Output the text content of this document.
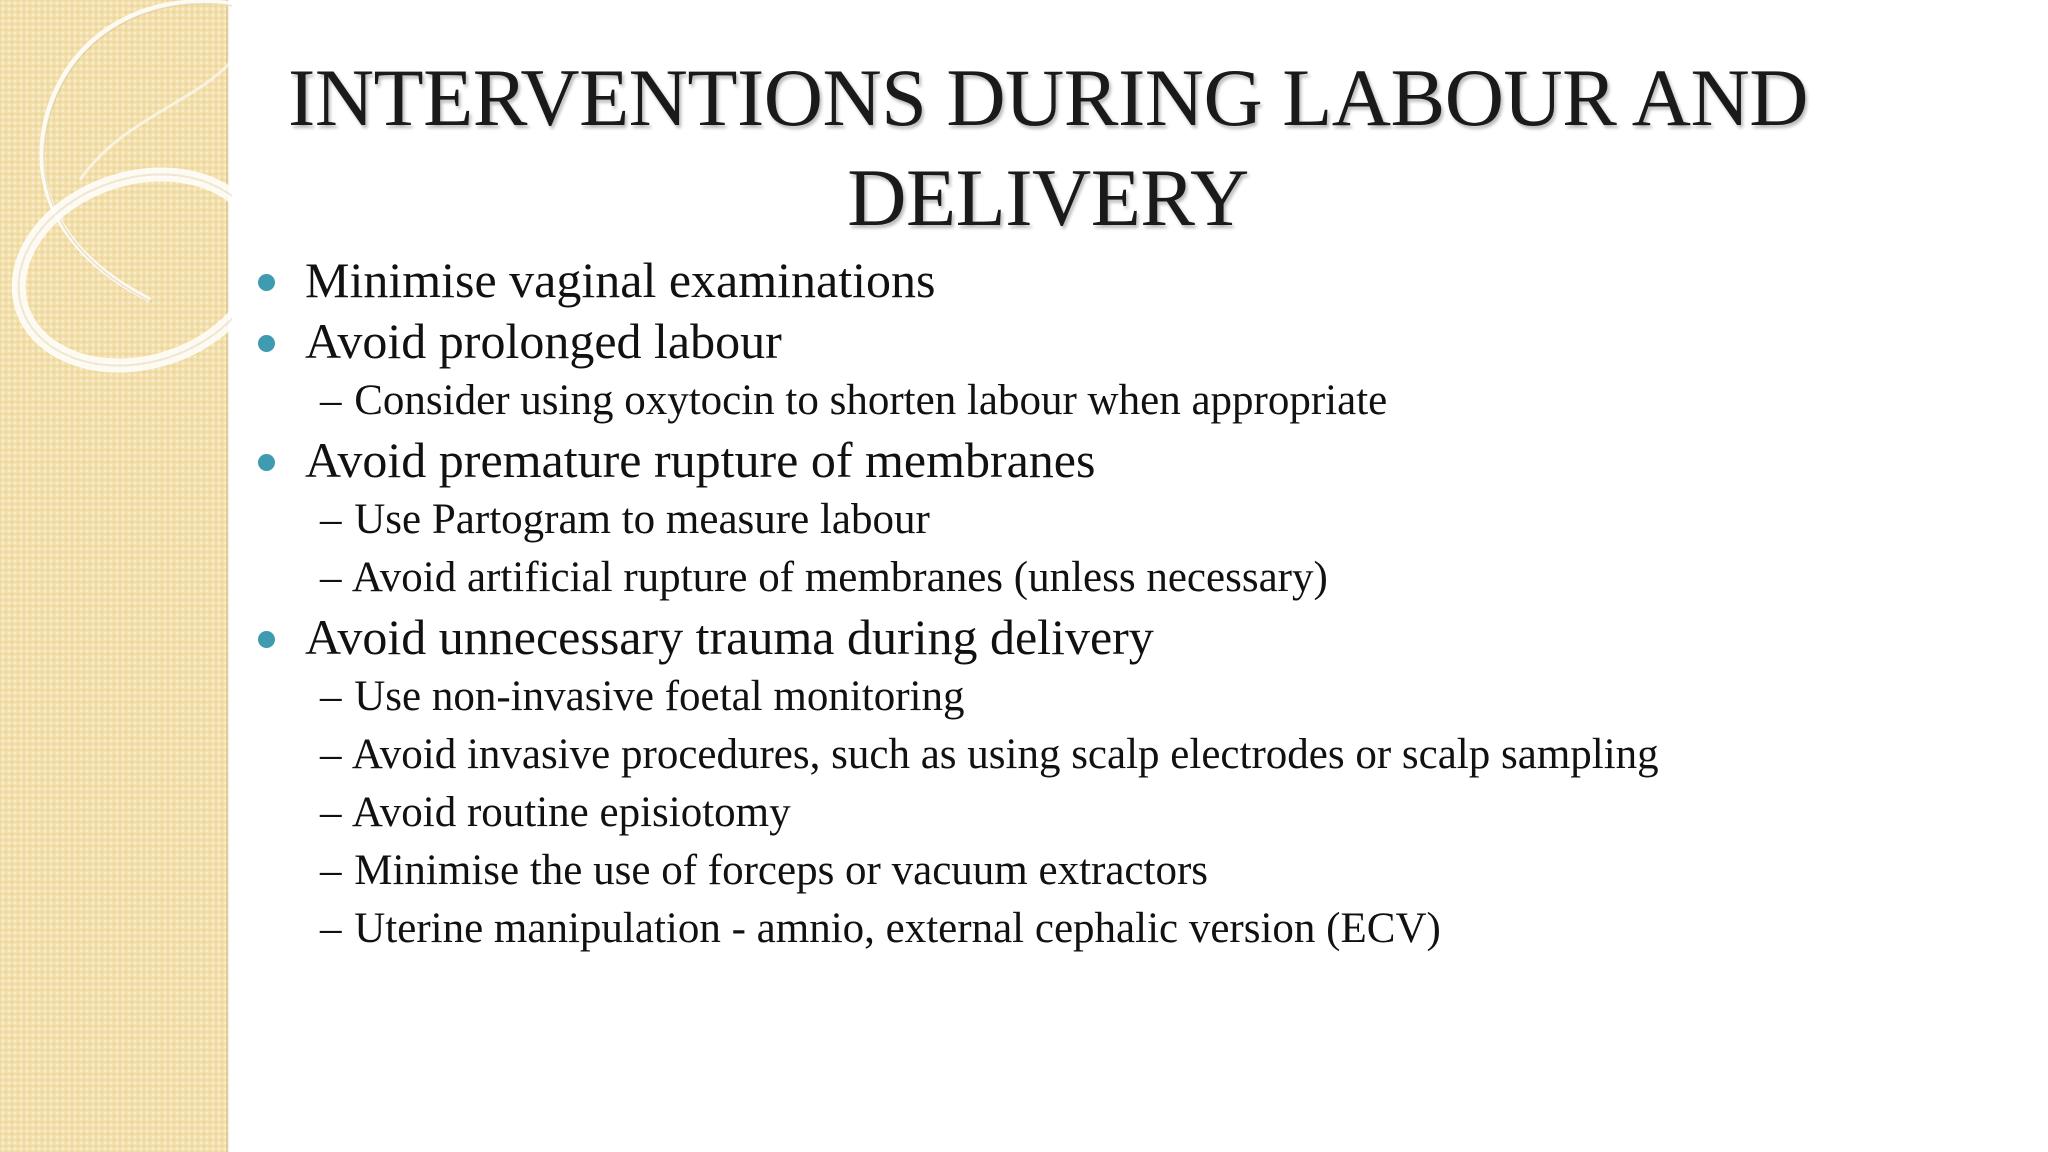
INTERVENTIONS DURING LABOUR AND
DELIVERY
Minimise vaginal examinations
Avoid prolonged labour
– Consider using oxytocin to shorten labour when appropriate
Avoid premature rupture of membranes
– Use Partogram to measure labour
– Avoid artificial rupture of membranes (unless necessary)
Avoid unnecessary trauma during delivery
– Use non-invasive foetal monitoring
– Avoid invasive procedures, such as using scalp electrodes or scalp sampling
– Avoid routine episiotomy
– Minimise the use of forceps or vacuum extractors
– Uterine manipulation - amnio, external cephalic version (ECV)
